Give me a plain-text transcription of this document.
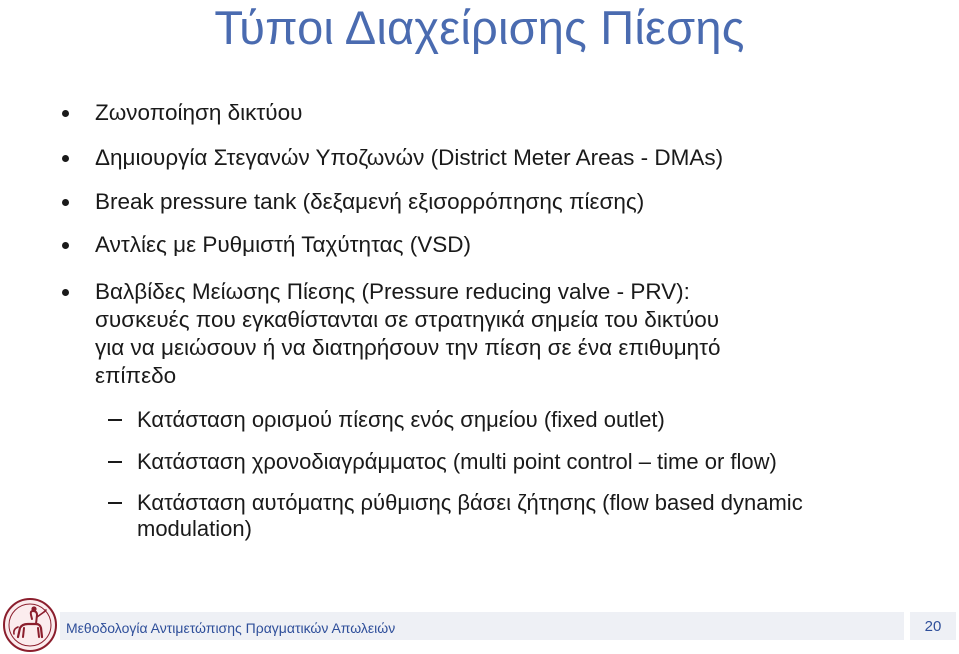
Τύποι Διαχείρισης Πίεσης
Ζωνοποίηση δικτύου
Δημιουργία Στεγανών Υποζωνών (District Meter Areas - DMAs)
Break pressure tank (δεξαμενή εξισορρόπησης πίεσης)
Αντλίες με Ρυθμιστή Ταχύτητας (VSD)
Βαλβίδες Μείωσης Πίεσης (Pressure reducing valve - PRV):
συσκευές που εγκαθίστανται σε στρατηγικά σημεία του δικτύου
για να μειώσουν ή να διατηρήσουν την πίεση σε ένα επιθυμητό
επίπεδο
Κατάσταση ορισμού πίεσης ενός σημείου (fixed outlet)
Κατάσταση χρονοδιαγράμματος (multi point control – time or flow)
Κατάσταση αυτόματης ρύθμισης βάσει ζήτησης (flow based dynamic
modulation)
Μεθοδολογία Αντιμετώπισης Πραγματικών Απωλειών	20
